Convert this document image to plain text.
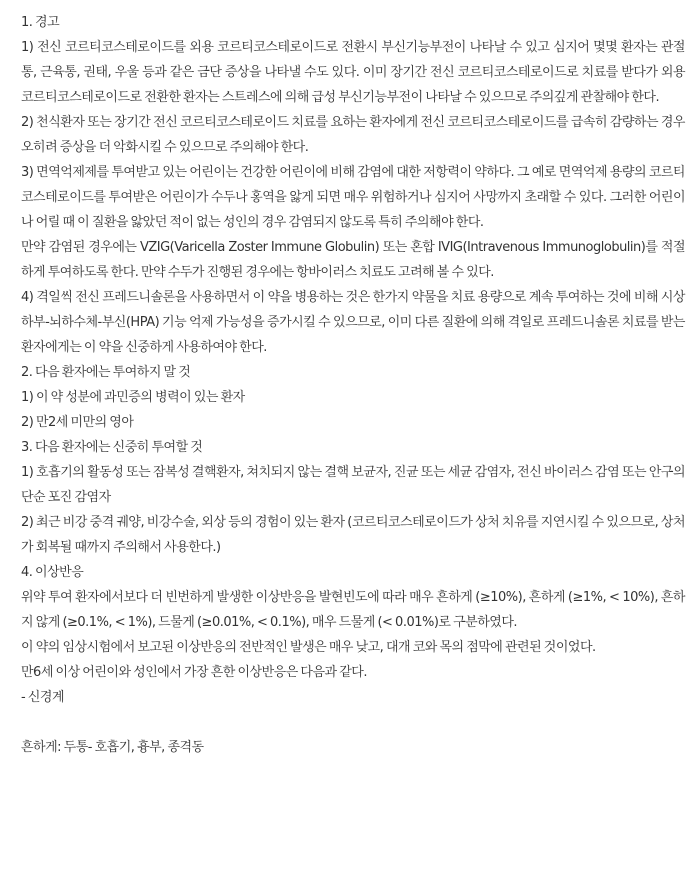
1. 경고

1) 전신 코르티코스테로이드를 외용 코르티코스테로이드로 전환시 부신기능부전이 나타날 수 있고 심지어 몇몇 환자는 관절통, 근육통, 권태, 우울 등과 같은 금단 증상을 나타낼 수도 있다. 이미 장기간 전신 코르티코스테로이드로 치료를 받다가 외용 코르티코스테로이드로 전환한 환자는 스트레스에 의해 급성 부신기능부전이 나타날 수 있으므로 주의깊게 관찰해야 한다.

2) 천식환자 또는 장기간 전신 코르티코스테로이드 치료를 요하는 환자에게 전신 코르티코스테로이드를 급속히 감량하는 경우 오히려 증상을 더 악화시킬 수 있으므로 주의해야 한다.

3) 면역억제제를 투여받고 있는 어린이는 건강한 어린이에 비해 감염에 대한 저항력이 약하다. 그 예로 면역억제 용량의 코르티코스테로이드를 투여받은 어린이가 수두나 홍역을 앓게 되면 매우 위험하거나 심지어 사망까지 초래할 수 있다. 그러한 어린이나 어릴 때 이 질환을 앓았던 적이 없는 성인의 경우 감염되지 않도록 특히 주의해야 한다.

만약 감염된 경우에는 VZIG(Varicella Zoster Immune Globulin) 또는 혼합 IVIG(Intravenous Immunoglobulin)를 적절하게 투여하도록 한다. 만약 수두가 진행된 경우에는 항바이러스 치료도 고려해 볼 수 있다.

4) 격일씩 전신 프레드니솔론을 사용하면서 이 약을 병용하는 것은 한가지 약물을 치료 용량으로 계속 투여하는 것에 비해 시상하부-뇌하수체-부신(HPA) 기능 억제 가능성을 증가시킬 수 있으므로, 이미 다른 질환에 의해 격일로 프레드니솔론 치료를 받는 환자에게는 이 약을 신중하게 사용하여야 한다.

2. 다음 환자에는 투여하지 말 것

1) 이 약 성분에 과민증의 병력이 있는 환자

2) 만2세 미만의 영아

3. 다음 환자에는 신중히 투여할 것

1) 호흡기의 활동성 또는 잠복성 결핵환자, 쳐치되지 않는 결핵 보균자, 진균 또는 세균 감염자, 전신 바이러스 감염 또는 안구의 단순 포진 감염자

2) 최근 비강 중격 궤양, 비강수술, 외상 등의 경험이 있는 환자 (코르티코스테로이드가 상처 치유를 지연시킬 수 있으므로, 상처가 회복될 때까지 주의해서 사용한다.)

4. 이상반응

위약 투여 환자에서보다 더 빈번하게 발생한 이상반응을 발현빈도에 따라 매우 흔하게 (≥10%), 흔하게 (≥1%, < 10%), 흔하지 않게 (≥0.1%, < 1%), 드물게 (≥0.01%, < 0.1%), 매우 드물게 (< 0.01%)로 구분하였다.

이 약의 임상시험에서 보고된 이상반응의 전반적인 발생은 매우 낮고, 대개 코와 목의 점막에 관련된 것이었다.

만6세 이상 어린이와 성인에서 가장 흔한 이상반응은 다음과 같다.

- 신경계

흔하게: 두통- 호흡기, 흉부, 종격동
